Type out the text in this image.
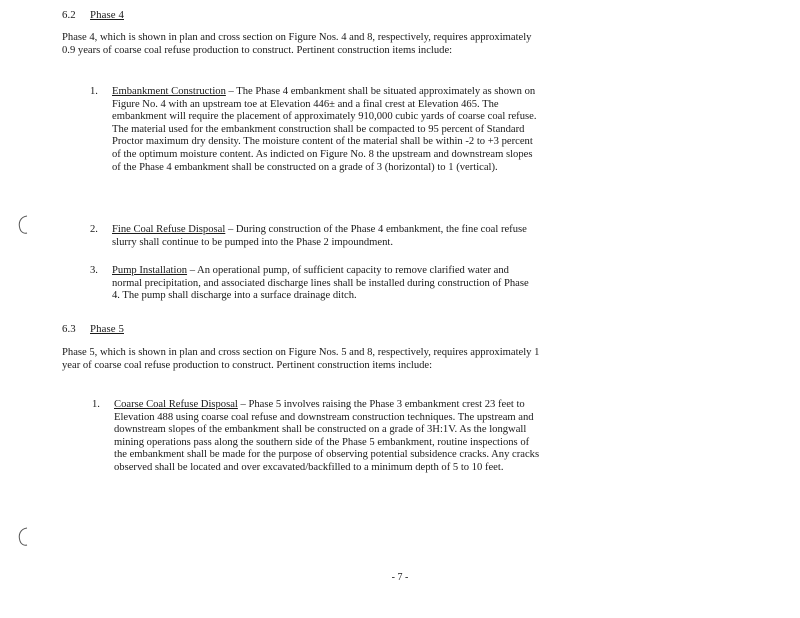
6.2 Phase 4

Phase 4, which is shown in plan and cross section on Figure Nos. 4 and 8, respectively, requires approximately 0.9 years of coarse coal refuse production to construct. Pertinent construction items include:

1. Embankment Construction – The Phase 4 embankment shall be situated approximately as shown on Figure No. 4 with an upstream toe at Elevation 446± and a final crest at Elevation 465. The embankment will require the placement of approximately 910,000 cubic yards of coarse coal refuse. The material used for the embankment construction shall be compacted to 95 percent of Standard Proctor maximum dry density. The moisture content of the material shall be within -2 to +3 percent of the optimum moisture content. As indicted on Figure No. 8 the upstream and downstream slopes of the Phase 4 embankment shall be constructed on a grade of 3 (horizontal) to 1 (vertical).

2. Fine Coal Refuse Disposal – During construction of the Phase 4 embankment, the fine coal refuse slurry shall continue to be pumped into the Phase 2 impoundment.

3. Pump Installation – An operational pump, of sufficient capacity to remove clarified water and normal precipitation, and associated discharge lines shall be installed during construction of Phase 4. The pump shall discharge into a surface drainage ditch.

6.3 Phase 5

Phase 5, which is shown in plan and cross section on Figure Nos. 5 and 8, respectively, requires approximately 1 year of coarse coal refuse production to construct. Pertinent construction items include:

1. Coarse Coal Refuse Disposal – Phase 5 involves raising the Phase 3 embankment crest 23 feet to Elevation 488 using coarse coal refuse and downstream construction techniques. The upstream and downstream slopes of the embankment shall be constructed on a grade of 3H:1V. As the longwall mining operations pass along the southern side of the Phase 5 embankment, routine inspections of the embankment shall be made for the purpose of observing potential subsidence cracks. Any cracks observed shall be located and over excavated/backfilled to a minimum depth of 5 to 10 feet.

- 7 -
